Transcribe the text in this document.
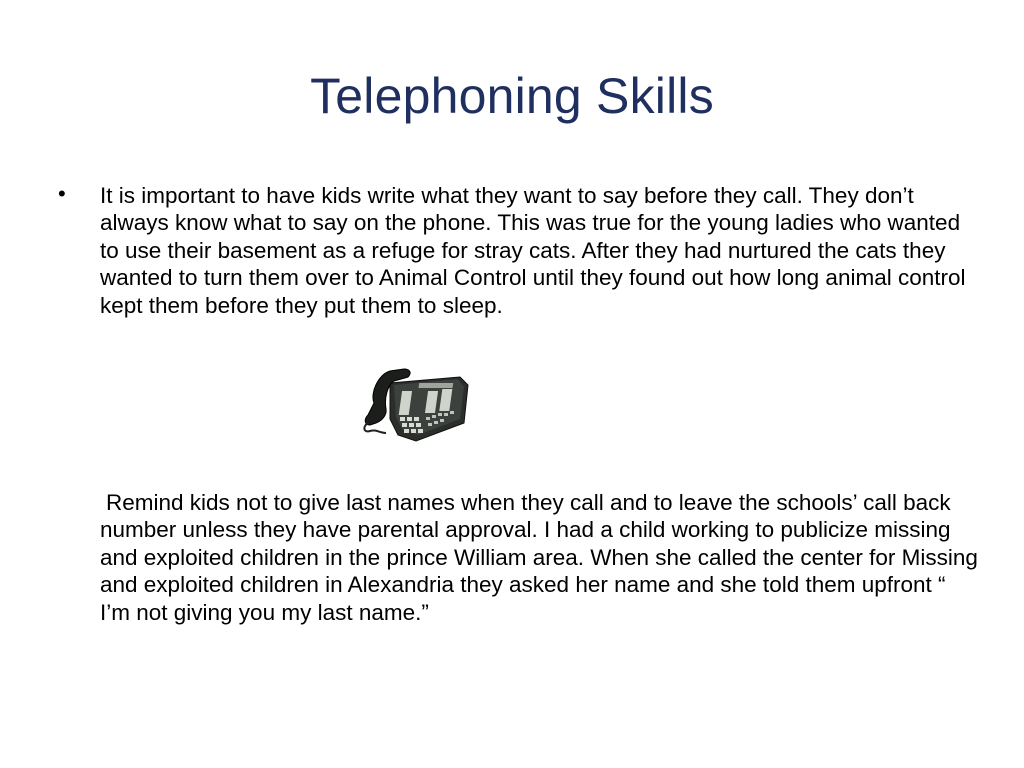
Telephoning Skills
• It is important to have kids write what they want to say before they call. They don’t always know what to say on the phone. This was true for the young ladies who wanted to use their basement as a refuge for stray cats. After they had nurtured the cats they wanted to turn them over to Animal Control until they found out how long animal control kept them before they put them to sleep.

Remind kids not to give last names when they call and to leave the schools’ call back number unless they have parental approval. I had a child working to publicize missing and exploited children in the prince William area. When she called the center for Missing and exploited children in Alexandria they asked her name and she told them upfront “ I’m not giving you my last name.”
